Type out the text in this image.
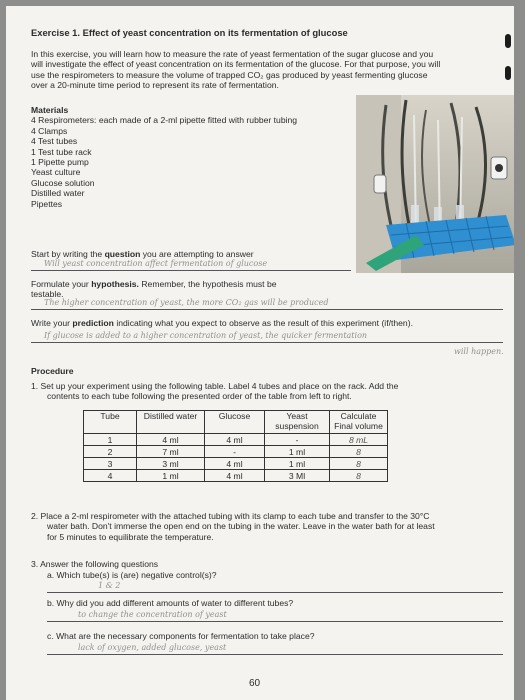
Exercise 1. Effect of yeast concentration on its fermentation of glucose
In this exercise, you will learn how to measure the rate of yeast fermentation of the sugar glucose and you
will investigate the effect of yeast concentration on its fermentation of the glucose. For that purpose, you will
use the respirometers to measure the volume of trapped CO₂ gas produced by yeast fermenting glucose
over a 20-minute time period to represent its rate of fermentation.
Materials
4 Respirometers: each made of a 2-ml pipette fitted with rubber tubing
4 Clamps
4 Test tubes
1 Test tube rack
1 Pipette pump
Yeast culture
Glucose solution
Distilled water
Pipettes
Start by writing the question you are attempting to answer
Will yeast concentration affect fermentation of glucose
Formulate your hypothesis. Remember, the hypothesis must be
testable.
The higher concentration of yeast, the more CO₂ gas will be produced
Write your prediction indicating what you expect to observe as the result of this experiment (if/then).
If glucose is added to a higher concentration of yeast, the quicker fermentation
will happen.
Procedure
1. Set up your experiment using the following table. Label 4 tubes and place on the rack. Add the
contents to each tube following the presented order of the table from left to right.
Tube	Distilled water	Glucose	Yeast suspension	Calculate Final volume
1	4 ml	4 ml	-	8 mL
2	7 ml	-	1 ml	8
3	3 ml	4 ml	1 ml	8
4	1 ml	4 ml	3 Ml	8
2. Place a 2-ml respirometer with the attached tubing with its clamp to each tube and transfer to the 30°C
water bath. Don't immerse the open end on the tubing in the water. Leave in the water bath for at least
for 5 minutes to equilibrate the temperature.
3. Answer the following questions
a. Which tube(s) is (are) negative control(s)?
1 & 2
b. Why did you add different amounts of water to different tubes?
to change the concentration of yeast
c. What are the necessary components for fermentation to take place?
lack of oxygen, added glucose, yeast
60
